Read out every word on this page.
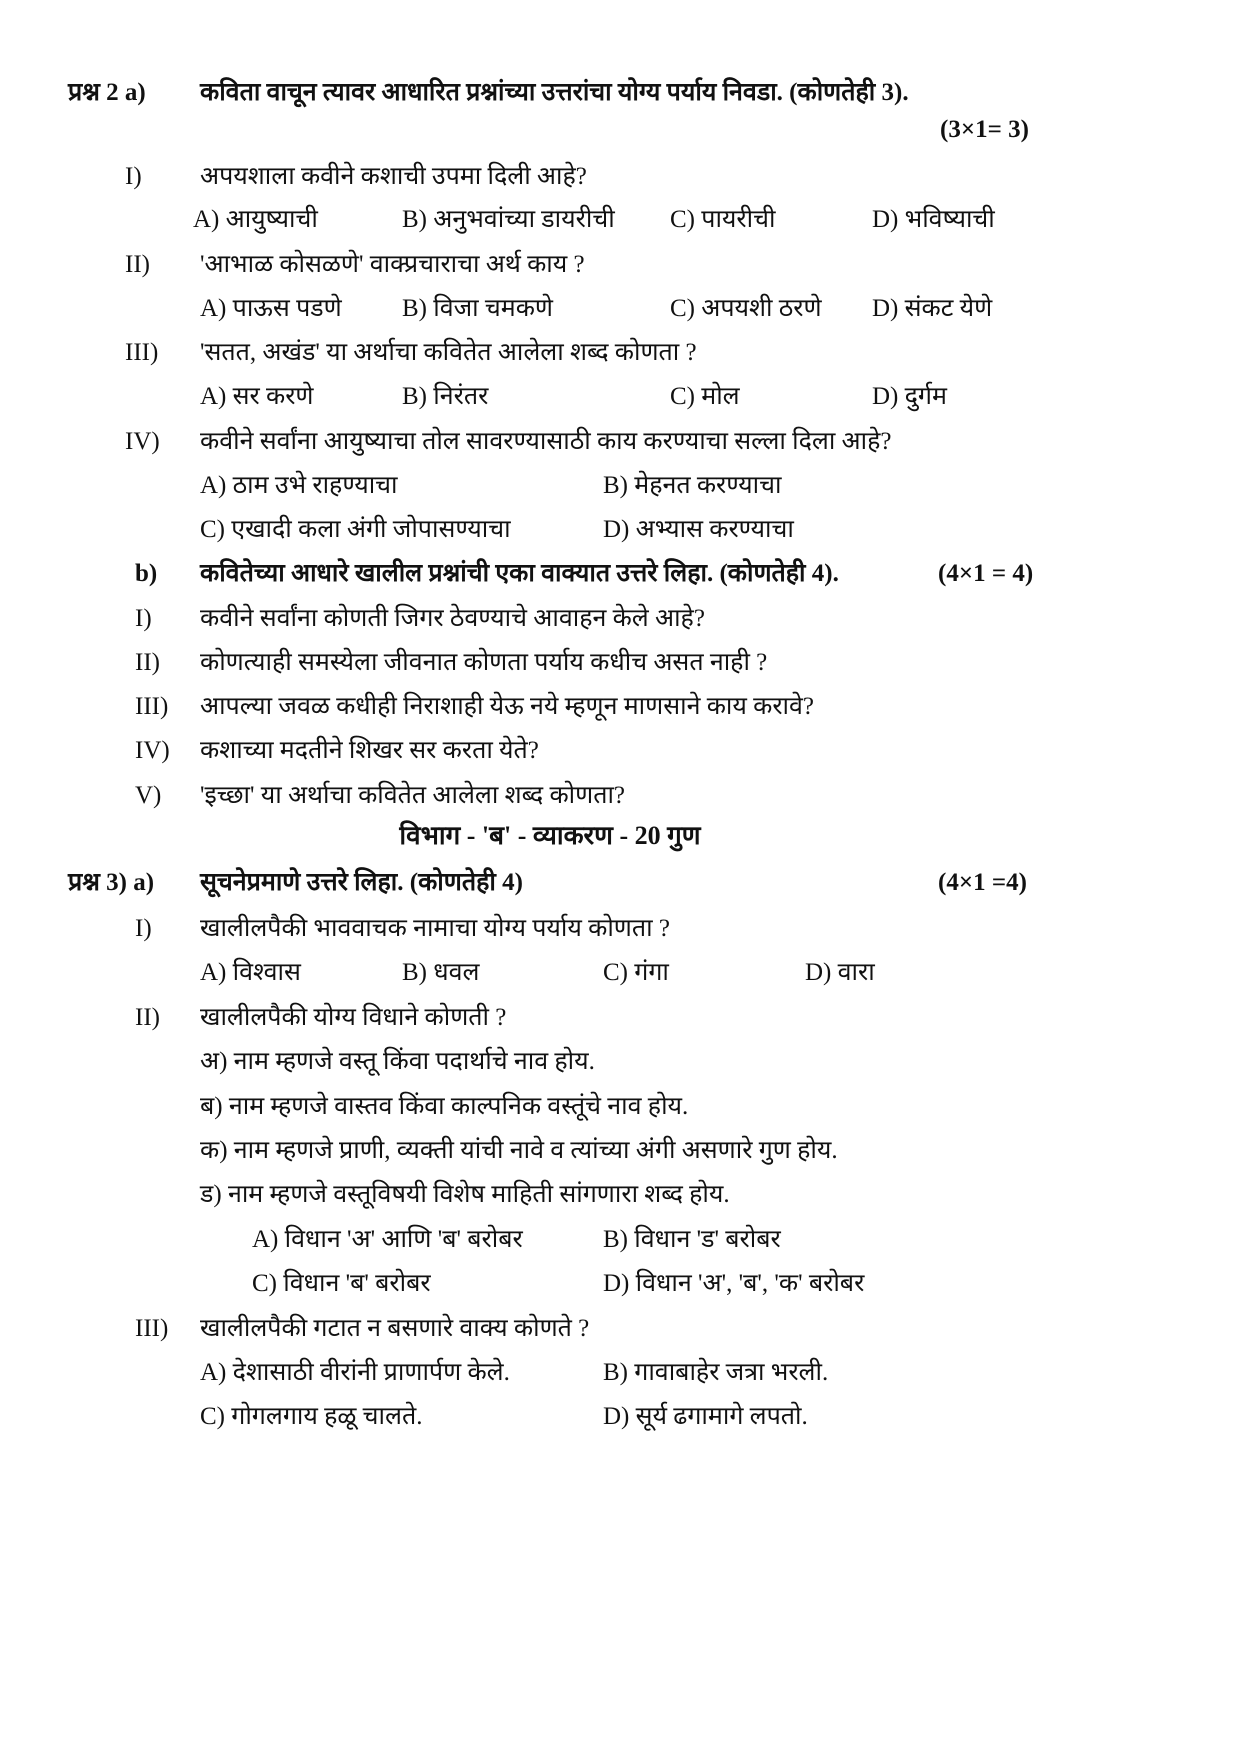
प्रश्न 2 a) कविता वाचून त्यावर आधारित प्रश्नांच्या उत्तरांचा योग्य पर्याय निवडा. (कोणतेही 3).
(3×1= 3)
I) अपयशाला कवीने कशाची उपमा दिली आहे?
A) आयुष्याची	B) अनुभवांच्या डायरीची C) पायरीची	D) भविष्याची
II) 'आभाळ कोसळणे' वाक्प्रचाराचा अर्थ काय ?
A) पाऊस पडणे B) विजा चमकणे	C) अपयशी ठरणे D) संकट येणे
III) 'सतत, अखंड' या अर्थाचा कवितेत आलेला शब्द कोणता ?
A) सर करणे	B) निरंतर	C) मोल	D) दुर्गम
IV) कवीने सर्वांना आयुष्याचा तोल सावरण्यासाठी काय करण्याचा सल्ला दिला आहे?
A) ठाम उभे राहण्याचा	B) मेहनत करण्याचा
C) एखादी कला अंगी जोपासण्याचा	D) अभ्यास करण्याचा
b) कवितेच्या आधारे खालील प्रश्नांची एका वाक्यात उत्तरे लिहा. (कोणतेही 4).	(4×1 = 4)
I) कवीने सर्वांना कोणती जिगर ठेवण्याचे आवाहन केले आहे?
II) कोणत्याही समस्येला जीवनात कोणता पर्याय कधीच असत नाही ?
III) आपल्या जवळ कधीही निराशाही येऊ नये म्हणून माणसाने काय करावे?
IV) कशाच्या मदतीने शिखर सर करता येते?
V) 'इच्छा' या अर्थाचा कवितेत आलेला शब्द कोणता?
विभाग - 'ब' - व्याकरण - 20 गुण
प्रश्न 3) a) सूचनेप्रमाणे उत्तरे लिहा. (कोणतेही 4)	(4×1 =4)
I) खालीलपैकी भाववाचक नामाचा योग्य पर्याय कोणता ?
A) विश्वास	B) धवल	C) गंगा	D) वारा
II) खालीलपैकी योग्य विधाने कोणती ?
अ) नाम म्हणजे वस्तू किंवा पदार्थाचे नाव होय.
ब) नाम म्हणजे वास्तव किंवा काल्पनिक वस्तूंचे नाव होय.
क) नाम म्हणजे प्राणी, व्यक्ती यांची नावे व त्यांच्या अंगी असणारे गुण होय.
ड) नाम म्हणजे वस्तूविषयी विशेष माहिती सांगणारा शब्द होय.
A) विधान 'अ' आणि 'ब' बरोबर	B) विधान 'ड' बरोबर
C) विधान 'ब' बरोबर	D) विधान 'अ', 'ब', 'क' बरोबर
III) खालीलपैकी गटात न बसणारे वाक्य कोणते ?
A) देशासाठी वीरांनी प्राणार्पण केले.	B) गावाबाहेर जत्रा भरली.
C) गोगलगाय हळू चालते.	D) सूर्य ढगामागे लपतो.
